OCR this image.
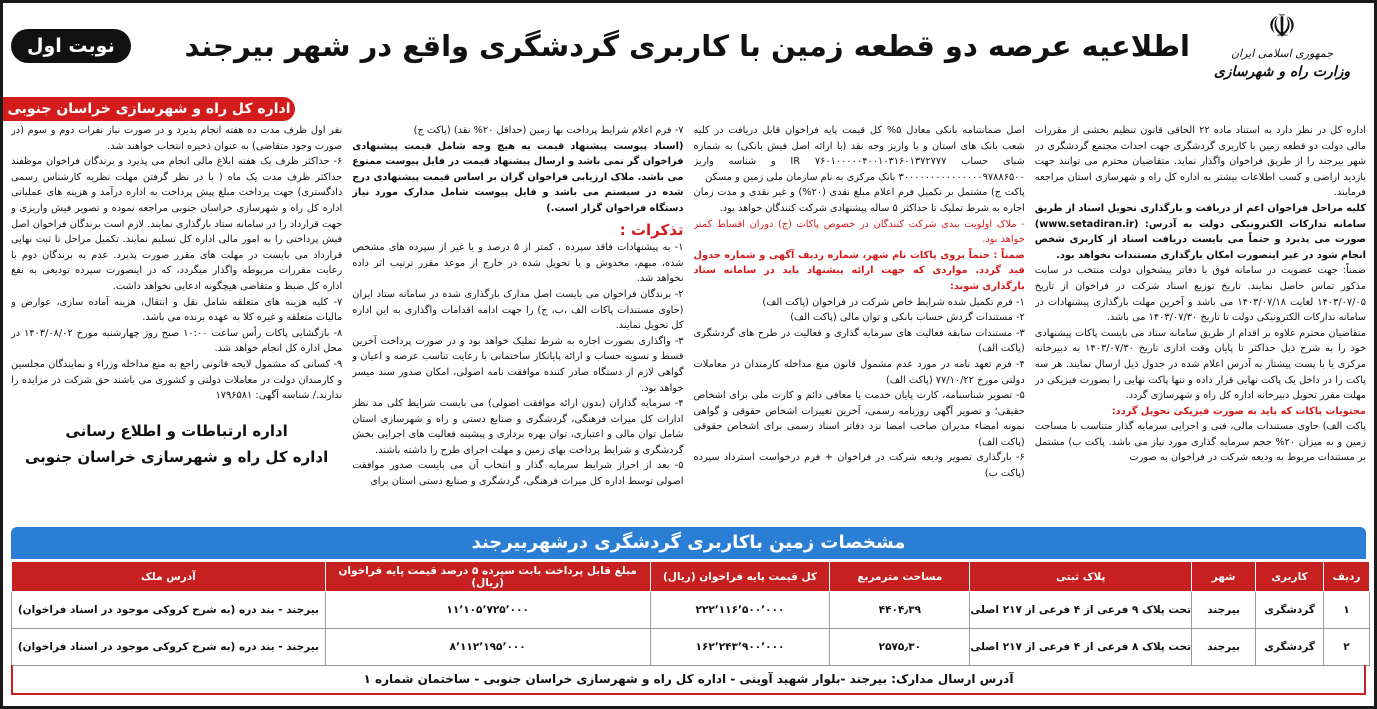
☫
جمهوری اسلامی ایران
وزارت راه و شهرسازی
اطلاعیه عرصه دو قطعه زمین با کاربری گردشگری واقع در شهر بیرجند
نوبت اول
اداره کل راه و شهرسازی خراسان جنوبی

اداره کل در نظر دارد به استناد ماده ۲۲ الحاقی قانون تنظیم بخشی از مقررات مالی دولت دو قطعه زمین با کاربری گردشگری جهت احداث مجتمع گردشگری در شهر بیرجند را از طریق فراخوان واگذار نماید. متقاضیان محترم می توانند جهت بازدید اراضی و کسب اطلاعات بیشتر به اداره کل راه و شهرسازی استان مراجعه فرمایند.

کلیه مراحل فراخوان اعم از دریافت و بارگذاری تحویل اسناد از طریق سامانه تدارکات الکترونیکی دولت به آدرس: (www.setadiran.ir) صورت می پذیرد و حتماً می بایست دریافت اسناد از کاربری شخص انجام شود در غیر اینصورت امکان بارگذاری مستندات نخواهد بود.

ضمناً: جهت عضویت در سامانه فوق با دفاتر پیشخوان دولت منتخب در سایت مذکور تماس حاصل نمایند. تاریخ توزیع اسناد شرکت در فراخوان از تاریخ ۱۴۰۳/۰۷/۰۵ لغایت ۱۴۰۳/۰۷/۱۸ می باشد و آخرین مهلت بارگذاری پیشنهادات در سامانه تدارکات الکترونیکی دولت تا تاریخ ۱۴۰۳/۰۷/۳۰ می باشد.

متقاضیان محترم علاوه بر اقدام از طریق سامانه ستاد می بایست پاکات پیشنهادی خود را به شرح ذیل حداکثر تا پایان وقت اداری تاریخ ۱۴۰۳/۰۷/۳۰ به دبیرخانه مرکزی یا با پست پیشتاز به آدرس اعلام شده در جدول ذیل ارسال نمایند. هر سه پاکت را در داخل یک پاکت نهایی قرار داده و تنها پاکت نهایی را بصورت فیزیکی در مهلت مقرر تحویل دبیرخانه اداره کل راه و شهرسازی گردد.

محتویات پاکات که باید به صورت فیزیکی تحویل گردد:

پاکت الف) حاوی مستندات مالی، فنی و اجرایی سرمایه گذار متناسب با مساحت زمین و به میزان ۲۰% حجم سرمایه گذاری مورد نیاز می باشد. پاکت ب) مشتمل بر مستندات مربوط به ودیعه شرکت در فراخوان به صورت

اصل ضمانتنامه بانکی معادل ۵% کل قیمت پایه فراخوان قابل دریافت در کلیه شعب بانک های استان و یا واریز وجه نقد (با ارائه اصل فیش بانکی) به شماره شبای حساب IR ۷۶۰۱۰۰۰۰۰۴۰۰۱۰۳۱۶۰۱۳۷۲۷۷۷ و شناسه واریز ۳۰۰۰۰۰۰۰۰۰۰۰۰۰۰۰۹۷۸۸۶۵۰۰ بانک مرکزی به نام سازمان ملی زمین و مسکن

پاکت ج) مشتمل بر تکمیل فرم اعلام مبلغ نقدی (۲۰%) و غیر نقدی و مدت زمان اجاره به شرط تملیک تا حداکثر ۵ ساله پیشنهادی شرکت کنندگان خواهد بود.

- ملاک اولویت بندی شرکت کنندگان در خصوص پاکات (ج) دوران اقساط کمتر خواهد بود.

ضمناً : حتماً بروی پاکات نام شهر، شماره ردیف آگهی و شماره جدول قید گردد. مواردی که جهت ارائه پیشنهاد باید در سامانه ستاد بارگذاری شوند:

۱- فرم تکمیل شده شرایط خاص شرکت در فراخوان (پاکت الف)

۲- مستندات گردش حساب بانکی و توان مالی (پاکت الف)

۳- مستندات سابقه فعالیت های سرمایه گذاری و فعالیت در طرح های گردشگری (پاکت الف)

۴- فرم تعهد نامه در مورد عدم مشمول قانون منع مداخله کارمندان در معاملات دولتی مورخ ۷۷/۱۰/۲۲ (پاکت الف)

۵- تصویر شناسنامه، کارت پایان خدمت یا معافی دائم و کارت ملی برای اشخاص حقیقی؛ و تصویر آگهی روزنامه رسمی، آخرین تغییرات اشخاص حقوقی و گواهی نمونه امضاء مدیران صاحب امضا نزد دفاتر اسناد رسمی برای اشخاص حقوقی (پاکت الف)

۶- بارگذاری تصویر ودیعه شرکت در فراخوان + فرم درخواست استرداد سپرده (پاکت ب)

۷- فرم اعلام شرایط پرداخت بها زمین (حداقل ۲۰% نقد) (پاکت ج)

(اسناد پیوست پیشنهاد قیمت به هیچ وجه شامل قیمت پیشنهادی فراخوان گر نمی باشد و ارسال پیشنهاد قیمت در فایل پیوست ممنوع می باشد. ملاک ارزیابی فراخوان گران بر اساس قیمت پیشنهادی درج شده در سیستم می باشد و فایل پیوست شامل مدارک مورد نیاز دستگاه فراخوان گزار است.)

تذکرات :

۱- به پیشنهادات فاقد سپرده ، کمتر از ۵ درصد و یا غیر از سپرده های مشخص شده، مبهم، مخدوش و یا تحویل شده در خارج از موعد مقرر ترتیب اثر داده نخواهد شد.

۲- برندگان فراخوان می بایست اصل مدارک بارگذاری شده در سامانه ستاد ایران (حاوی مستندات پاکات الف ،ب، ج) را جهت ادامه اقدامات واگذاری به این اداره کل تحویل نمایند.

۳- واگذاری بصورت اجاره به شرط تملیک خواهد بود و در صورت پرداخت آخرین قسط و تسویه حساب و ارائه پایانکار ساختمانی با رعایت تناسب عرصه و اعیان و گواهی لازم از دستگاه صادر کننده موافقت نامه اصولی، امکان صدور سند میسر خواهد بود.

۴- سرمایه گذاران (بدون ارائه موافقت اصولی) می بایست شرایط کلی مد نظر ادارات کل میراث فرهنگی، گردشگری و صنایع دستی و راه و شهرسازی استان شامل توان مالی و اعتباری، توان بهره برداری و پیشینه فعالیت های اجرایی بخش گردشگری و شرایط پرداخت بهای زمین و مهلت اجرای طرح را داشته باشند.

۵- بعد از احراز شرایط سرمایه گذار و انتخاب آن می بایست صدور موافقت اصولی توسط اداره کل میراث فرهنگی، گردشگری و صنایع دستی استان برای

نفر اول ظرف مدت ده هفته انجام پذیرد و در صورت نیاز نفرات دوم و سوم (در صورت وجود متقاضی) به عنوان ذخیره انتخاب خواهند شد.

۶- حداکثر ظرف یک هفته ابلاغ مالی انجام می پذیرد و برندگان فراخوان موظفند حداکثر ظرف مدت یک ماه ( با در نظر گرفتن مهلت نظریه کارشناس رسمی دادگستری) جهت پرداخت مبلغ پیش پرداخت به اداره درآمد و هزینه های عملیاتی اداره کل راه و شهرسازی خراسان جنوبی مراجعه نموده و تصویر فیش واریزی و جهت قرارداد را در سامانه ستاد بارگذاری نمایند. لازم است برندگان فراخوان اصل فیش پرداختی را به امور مالی اداره کل تسلیم نمایند. تکمیل مراحل تا ثبت نهایی قرارداد می بایست در مهلت های مقرر صورت پذیرد. عدم به برندگان دوم با رعایت مقررات مربوطه واگذار میگردد، که در اینصورت سپرده تودیعی به نفع اداره کل ضبط و متقاضی هیچگونه ادعایی نخواهد داشت.

۷- کلیه هزینه های متعلقه شامل نقل و انتقال، هزینه آماده سازی، عوارض و مالیات متعلقه و غیره کلا به عهده برنده می باشد.

۸- بازگشایی پاکات رأس ساعت ۱۰:۰۰ صبح روز چهارشنبه مورخ ۱۴۰۳/۰۸/۰۲ در محل اداره کل انجام خواهد شد.

۹- کسانی که مشمول لایحه قانونی راجع به منع مداخله وزراء و نمایندگان مجلسین و کارمندان دولت در معاملات دولتی و کشوری می باشند حق شرکت در مزایده را ندارند./ شناسه آگهی: ۱۷۹۶۵۸۱

اداره ارتباطات و اطلاع رسانی
اداره کل راه و شهرسازی خراسان جنوبی
مشخصات زمین باکاربری گردشگری درشهربیرجند
ردیف	کاربری	شهر	پلاک ثبتی	مساحت مترمربع	کل قیمت پایه فراخوان (ریال)	مبلغ قابل پرداخت بابت سپرده ۵ درصد قیمت پایه فراخوان (ریال)	آدرس ملک
۱	گردشگری	بیرجند	تحت پلاک ۹ فرعی از ۴ فرعی از ۲۱۷ اصلی	۴۴۰۴٫۳۹	۲۲۲٬۱۱۶٬۵۰۰٬۰۰۰	۱۱٬۱۰۵٬۷۲۵٬۰۰۰	بیرجند - بند دره (به شرح کروکی موجود در اسناد فراخوان)
۲	گردشگری	بیرجند	تحت پلاک ۸ فرعی از ۴ فرعی از ۲۱۷ اصلی	۲۵۷۵٫۳۰	۱۶۲٬۲۴۳٬۹۰۰٬۰۰۰	۸٬۱۱۲٬۱۹۵٬۰۰۰	بیرجند - بند دره (به شرح کروکی موجود در اسناد فراخوان)
آدرس ارسال مدارک: بیرجند -بلوار شهید آوینی - اداره کل راه و شهرسازی خراسان جنوبی - ساختمان شماره ۱
